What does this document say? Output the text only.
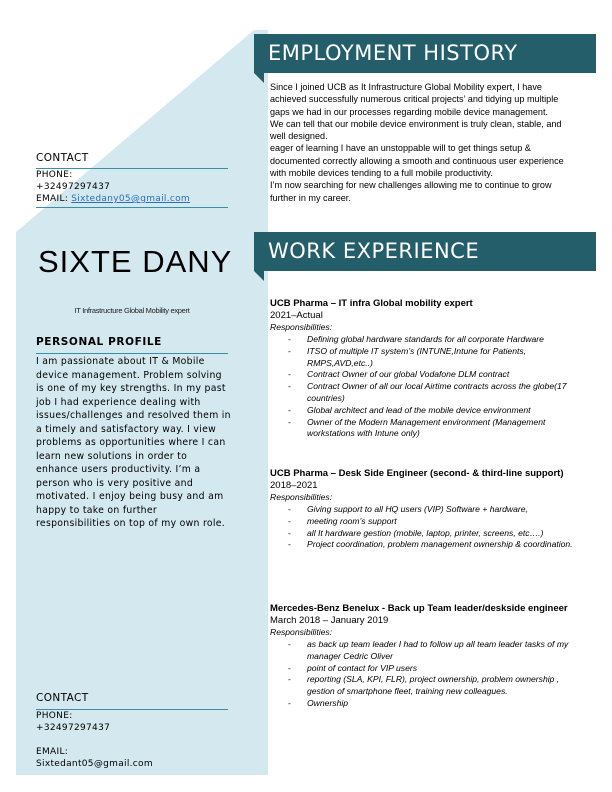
EMPLOYMENT HISTORY
Since I joined UCB as It Infrastructure Global Mobility expert, I have achieved successfully numerous critical projects’ and tidying up multiple gaps we had in our processes regarding mobile device management.
We can tell that our mobile device environment is truly clean, stable, and well designed.
eager of learning I have an unstoppable will to get things setup & documented correctly allowing a smooth and continuous user experience with mobile devices tending to a full mobile productivity.
I’m now searching for new challenges allowing me to continue to grow further in my career.
WORK EXPERIENCE
UCB Pharma – IT infra Global mobility expert
2021–Actual
Responsibilities:
- Defining global hardware standards for all corporate Hardware
- ITSO of multiple IT system’s (INTUNE,Intune for Patients, RMPS,AVD,etc..)
- Contract Owner of our global Vodafone DLM contract
- Contract Owner of all our local Airtime contracts across the globe(17 countries)
- Global architect and lead of the mobile device environment
- Owner of the Modern Management environment (Management workstations with Intune only)
UCB Pharma – Desk Side Engineer (second- & third-line support)
2018–2021
Responsibilities:
- Giving support to all HQ users (VIP) Software + hardware,
- meeting room’s support
- all It hardware gestion (mobile, laptop, printer, screens, etc….)
- Project coordination, problem management ownership & coordination.
Mercedes-Benz Benelux - Back up Team leader/deskside engineer
March 2018 – January 2019
Responsibilities:
- as back up team leader I had to follow up all team leader tasks of my manager Cedric Oliver
- point of contact for VIP users
- reporting (SLA, KPI, FLR), project ownership, problem ownership , gestion of smartphone fleet, training new colleagues.
- Ownership
CONTACT
PHONE:
+32497297437
EMAIL: Sixtedany05@gmail.com
SIXTE DANY
IT Infrastructure Global Mobility expert
PERSONAL PROFILE
I am passionate about IT & Mobile device management. Problem solving is one of my key strengths. In my past job I had experience dealing with issues/challenges and resolved them in a timely and satisfactory way. I view problems as opportunities where I can learn new solutions in order to enhance users productivity. I’m a person who is very positive and motivated. I enjoy being busy and am happy to take on further responsibilities on top of my own role.
CONTACT
PHONE:
+32497297437
EMAIL:
Sixtedant05@gmail.com
